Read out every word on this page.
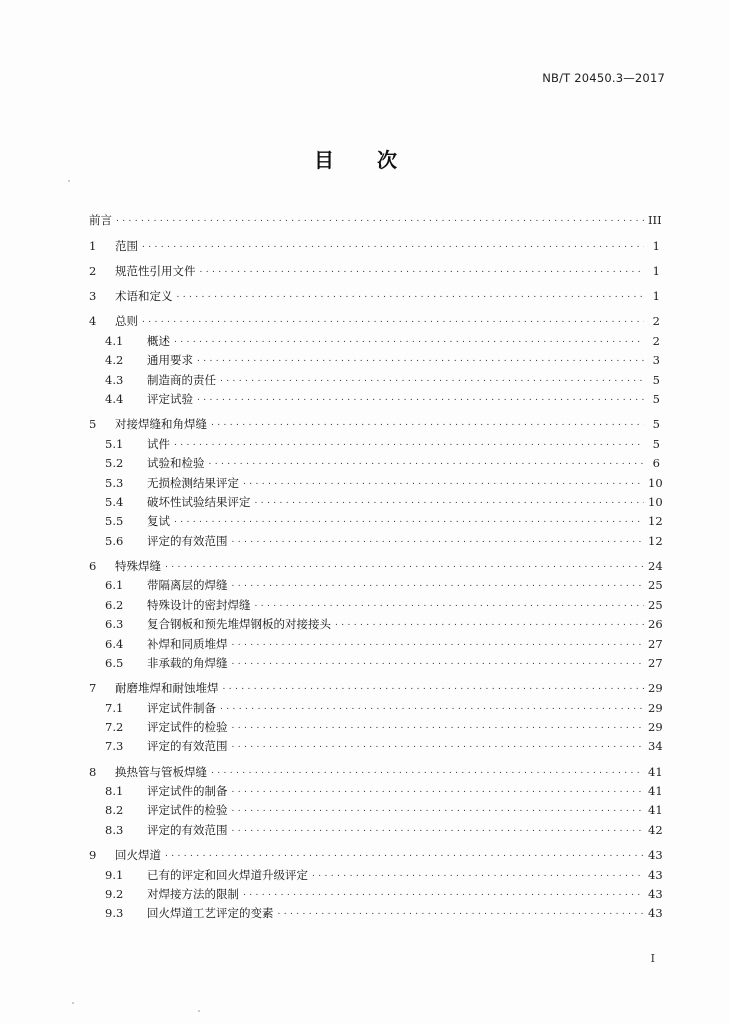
NB/T 20450.3—2017
目 次
前言 .....	III
1	范围 .....	1
2	规范性引用文件 .....	1
3	术语和定义 .....	1
4	总则 .....	2
4.1	概述 .....	2
4.2	通用要求 .....	3
4.3	制造商的责任 .....	5
4.4	评定试验 .....	5
5	对接焊缝和角焊缝 .....	5
5.1	试件 .....	5
5.2	试验和检验 .....	6
5.3	无损检测结果评定 .....	10
5.4	破坏性试验结果评定 .....	10
5.5	复试 .....	12
5.6	评定的有效范围 .....	12
6	特殊焊缝 .....	24
6.1	带隔离层的焊缝 .....	25
6.2	特殊设计的密封焊缝 .....	25
6.3	复合钢板和预先堆焊钢板的对接接头 .....	26
6.4	补焊和同质堆焊 .....	27
6.5	非承载的角焊缝 .....	27
7	耐磨堆焊和耐蚀堆焊 .....	29
7.1	评定试件制备 .....	29
7.2	评定试件的检验 .....	29
7.3	评定的有效范围 .....	34
8	换热管与管板焊缝 .....	41
8.1	评定试件的制备 .....	41
8.2	评定试件的检验 .....	41
8.3	评定的有效范围 .....	42
9	回火焊道 .....	43
9.1	已有的评定和回火焊道升级评定 .....	43
9.2	对焊接方法的限制 .....	43
9.3	回火焊道工艺评定的变素 .....	43
I
